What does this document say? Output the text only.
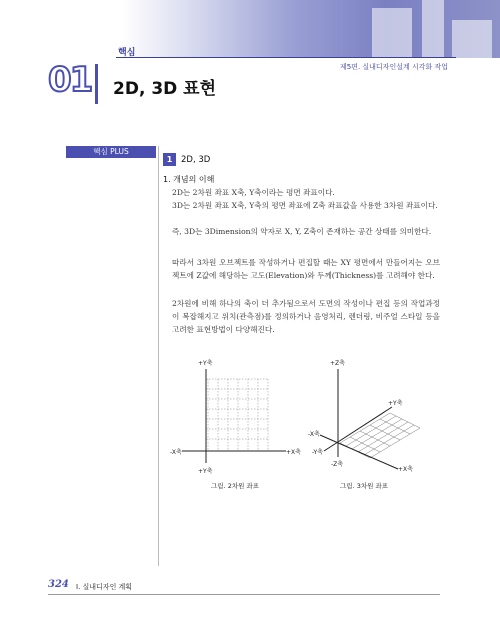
핵심
제5편. 실내디자인설계 시각화 작업
01 2D, 3D 표현
핵심 PLUS
1	2D, 3D
1. 개념의 이해
2D는 2차원 좌표 X축, Y축이라는 평면 좌표이다.
3D는 2차원 좌표 X축, Y축의 평면 좌표에 Z축 좌표값을 사용한 3차원 좌표이다.
즉, 3D는 3Dimension의 약자로 X, Y, Z축이 존재하는 공간 상태를 의미한다.
따라서 3차원 오브젝트를 작성하거나 편집할 때는 XY 평면에서 만들어지는 오브젝트에 Z값에 해당하는 고도(Elevation)와 두께(Thickness)를 고려해야 한다.
2차원에 비해 하나의 축이 더 추가됨으로서 도면의 작성이나 편집 등의 작업과정이 복잡해지고 위치(관측점)를 정의하거나 음영처리, 렌더링, 비주얼 스타일 등을 고려한 표현방법이 다양해진다.
+Y축
+Y축
+X축
-X축
그림. 2차원 좌표
+Z축
-Z축
+Y축
-Y축
+X축
-X축
그림. 3차원 좌표
324 Ⅰ. 실내디자인 계획
